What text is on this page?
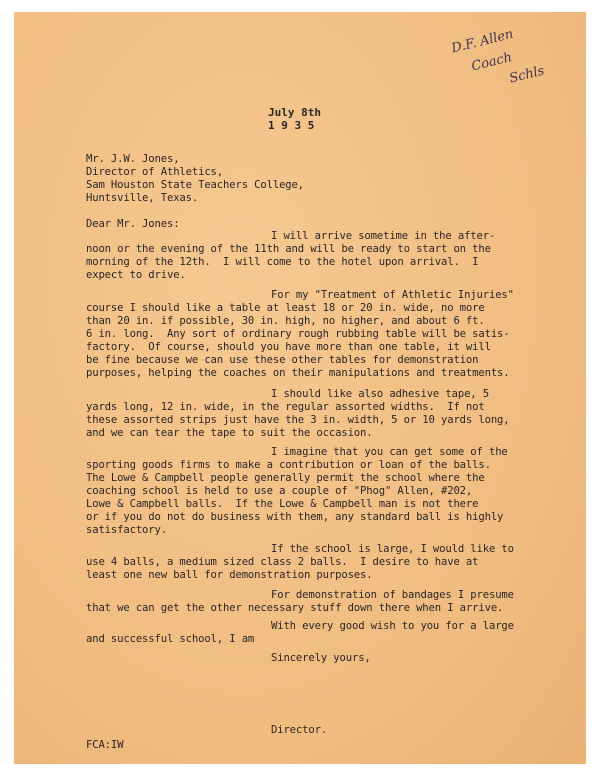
D.F. Allen
Coach
Schls
July 8th
1 9 3 5
Mr. J.W. Jones,
Director of Athletics,
Sam Houston State Teachers College,
Huntsville, Texas.
Dear Mr. Jones:
I will arrive sometime in the after-
noon or the evening of the 11th and will be ready to start on the
morning of the 12th.  I will come to the hotel upon arrival.  I
expect to drive.
For my "Treatment of Athletic Injuries"
course I should like a table at least 18 or 20 in. wide, no more
than 20 in. if possible, 30 in. high, no higher, and about 6 ft.
6 in. long.  Any sort of ordinary rough rubbing table will be satis-
factory.  Of course, should you have more than one table, it will
be fine because we can use these other tables for demonstration
purposes, helping the coaches on their manipulations and treatments.
I should like also adhesive tape, 5
yards long, 12 in. wide, in the regular assorted widths.  If not
these assorted strips just have the 3 in. width, 5 or 10 yards long,
and we can tear the tape to suit the occasion.
I imagine that you can get some of the
sporting goods firms to make a contribution or loan of the balls.
The Lowe & Campbell people generally permit the school where the
coaching school is held to use a couple of "Phog" Allen, #202,
Lowe & Campbell balls.  If the Lowe & Campbell man is not there
or if you do not do business with them, any standard ball is highly
satisfactory.
If the school is large, I would like to
use 4 balls, a medium sized class 2 balls.  I desire to have at
least one new ball for demonstration purposes.
For demonstration of bandages I presume
that we can get the other necessary stuff down there when I arrive.
With every good wish to you for a large
and successful school, I am
Sincerely yours,
Director.
FCA:IW
